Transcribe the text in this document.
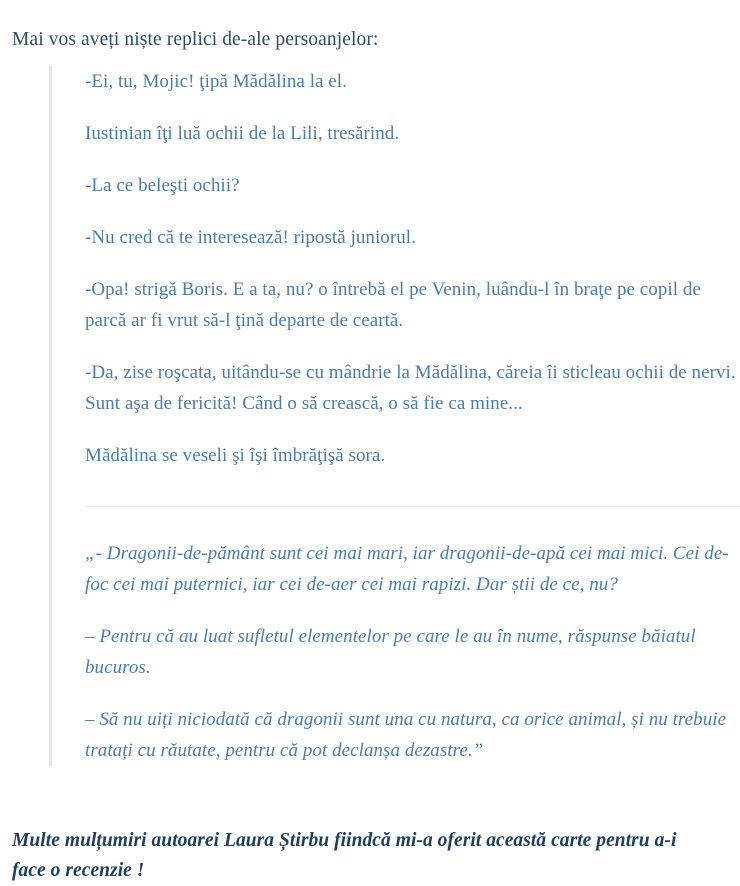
Mai vos aveți niște replici de-ale persoanjelor:

-Ei, tu, Mojic! ţipă Mădălina la el.

Iustinian îţi luă ochii de la Lili, tresărind.

-La ce beleşti ochii?

-Nu cred că te interesează! ripostă juniorul.

-Opa! strigă Boris. E a ta, nu? o întrebă el pe Venin, luându-l în braţe pe copil de parcă ar fi vrut să-l ţină departe de ceartă.

-Da, zise roşcata, uitându-se cu mândrie la Mădălina, căreia îi sticleau ochii de nervi. Sunt aşa de fericită! Când o să crească, o să fie ca mine...

Mădălina se veseli şi îşi îmbrăţişă sora.

„- Dragonii-de-pământ sunt cei mai mari, iar dragonii-de-apă cei mai mici. Cei de-foc cei mai puternici, iar cei de-aer cei mai rapizi. Dar știi de ce, nu?

– Pentru că au luat sufletul elementelor pe care le au în nume, răspunse băiatul bucuros.

– Să nu uiți niciodată că dragonii sunt una cu natura, ca orice animal, și nu trebuie tratați cu răutate, pentru că pot declanșa dezastre.”

Multe mulțumiri autoarei Laura Știrbu fiindcă mi-a oferit această carte pentru a-i face o recenzie !
